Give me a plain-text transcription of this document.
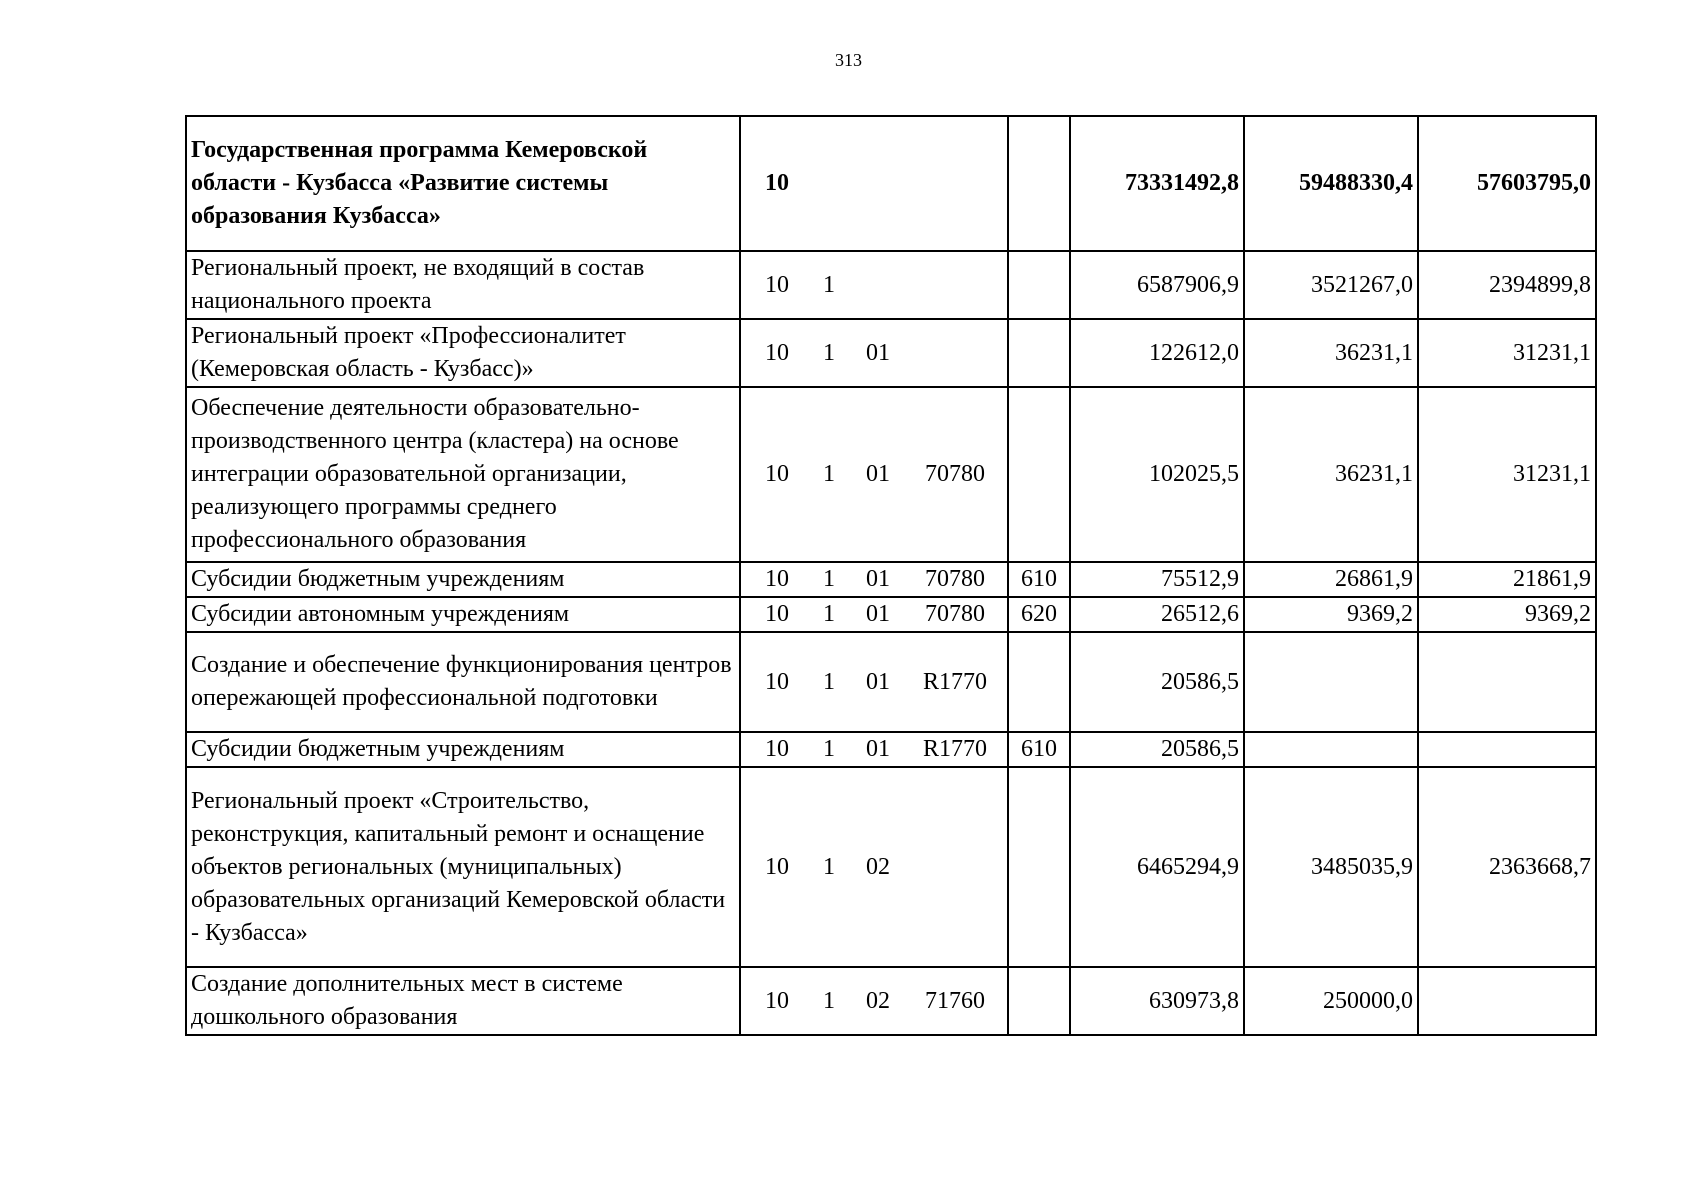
313
Государственная программа Кемеровской области - Кузбасса «Развитие системы образования Кузбасса»	10		73331492,8	59488330,4	57603795,0
Региональный проект, не входящий в состав национального проекта	10 1		6587906,9	3521267,0	2394899,8
Региональный проект «Профессионалитет (Кемеровская область - Кузбасс)»	10 1 01		122612,0	36231,1	31231,1
Обеспечение деятельности образовательно-производственного центра (кластера) на основе интеграции образовательной организации, реализующего программы среднего профессионального образования	10 1 01 70780		102025,5	36231,1	31231,1
Субсидии бюджетным учреждениям	10 1 01 70780	610	75512,9	26861,9	21861,9
Субсидии автономным учреждениям	10 1 01 70780	620	26512,6	9369,2	9369,2
Создание и обеспечение функционирования центров опережающей профессиональной подготовки	10 1 01 R1770		20586,5		
Субсидии бюджетным учреждениям	10 1 01 R1770	610	20586,5		
Региональный проект «Строительство, реконструкция, капитальный ремонт и оснащение объектов региональных (муниципальных) образовательных организаций Кемеровской области - Кузбасса»	10 1 02		6465294,9	3485035,9	2363668,7
Создание дополнительных мест в системе дошкольного образования	10 1 02 71760		630973,8	250000,0	
